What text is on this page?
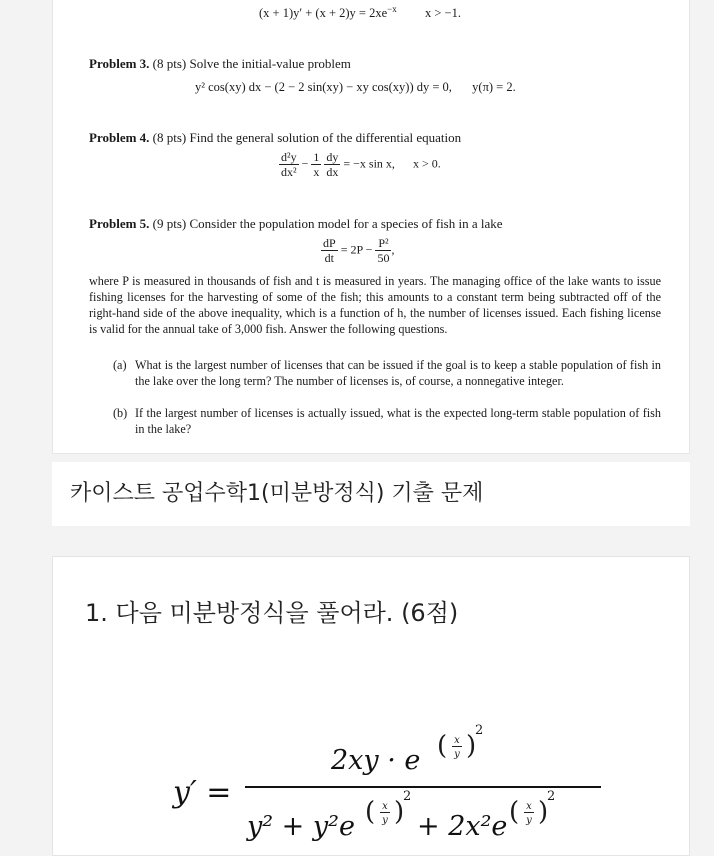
$(x + 1)y' + (x + 2)y = 2xe^{-x}$ x > −1.
Problem 3. (8 pts) Solve the initial-value problem
y² cos(xy) dx − (2 − 2 sin(xy) − xy cos(xy)) dy = 0, y(π) = 2.
Problem 4. (8 pts) Find the general solution of the differential equation
$\frac{\text{d²y}}{\text{dx²}} - \frac{1}{x}$
$\frac{dy}{dx} = -x$ sin x, x > 0.
Problem 5. (9 pts) Consider the population model for a species of fish in a lake
$\frac{dP}{dt} = 2P - \frac{\text{P²}}{50}$ ,
where P is measured in thousands of fish and t is measured in years. The managing office of the lake wants to issue fishing licenses for the harvesting of some of the fish; this amounts to a constant term being subtracted off of the right-hand side of the above inequality, which is a function of h, the number of licenses issued. Each fishing license is valid for the annual take of 3,000 fish. Answer the following questions.
(a) What is the largest number of licenses that can be issued if the goal is to keep a stable population of fish in the lake over the long term? The number of licenses is, of course, a nonnegative integer.
(b) If the largest number of licenses is actually issued, what is the expected long-term stable population of fish in the lake?
카이스트 공업수학1(미분방정식) 기출 문제
1. 다음 미분방정식을 풀어라. (6점)
y′ =
2xy · e ( x
y )
2
y² + y²e ( x
y )
2
+ 2x²e ( x
y )
2
